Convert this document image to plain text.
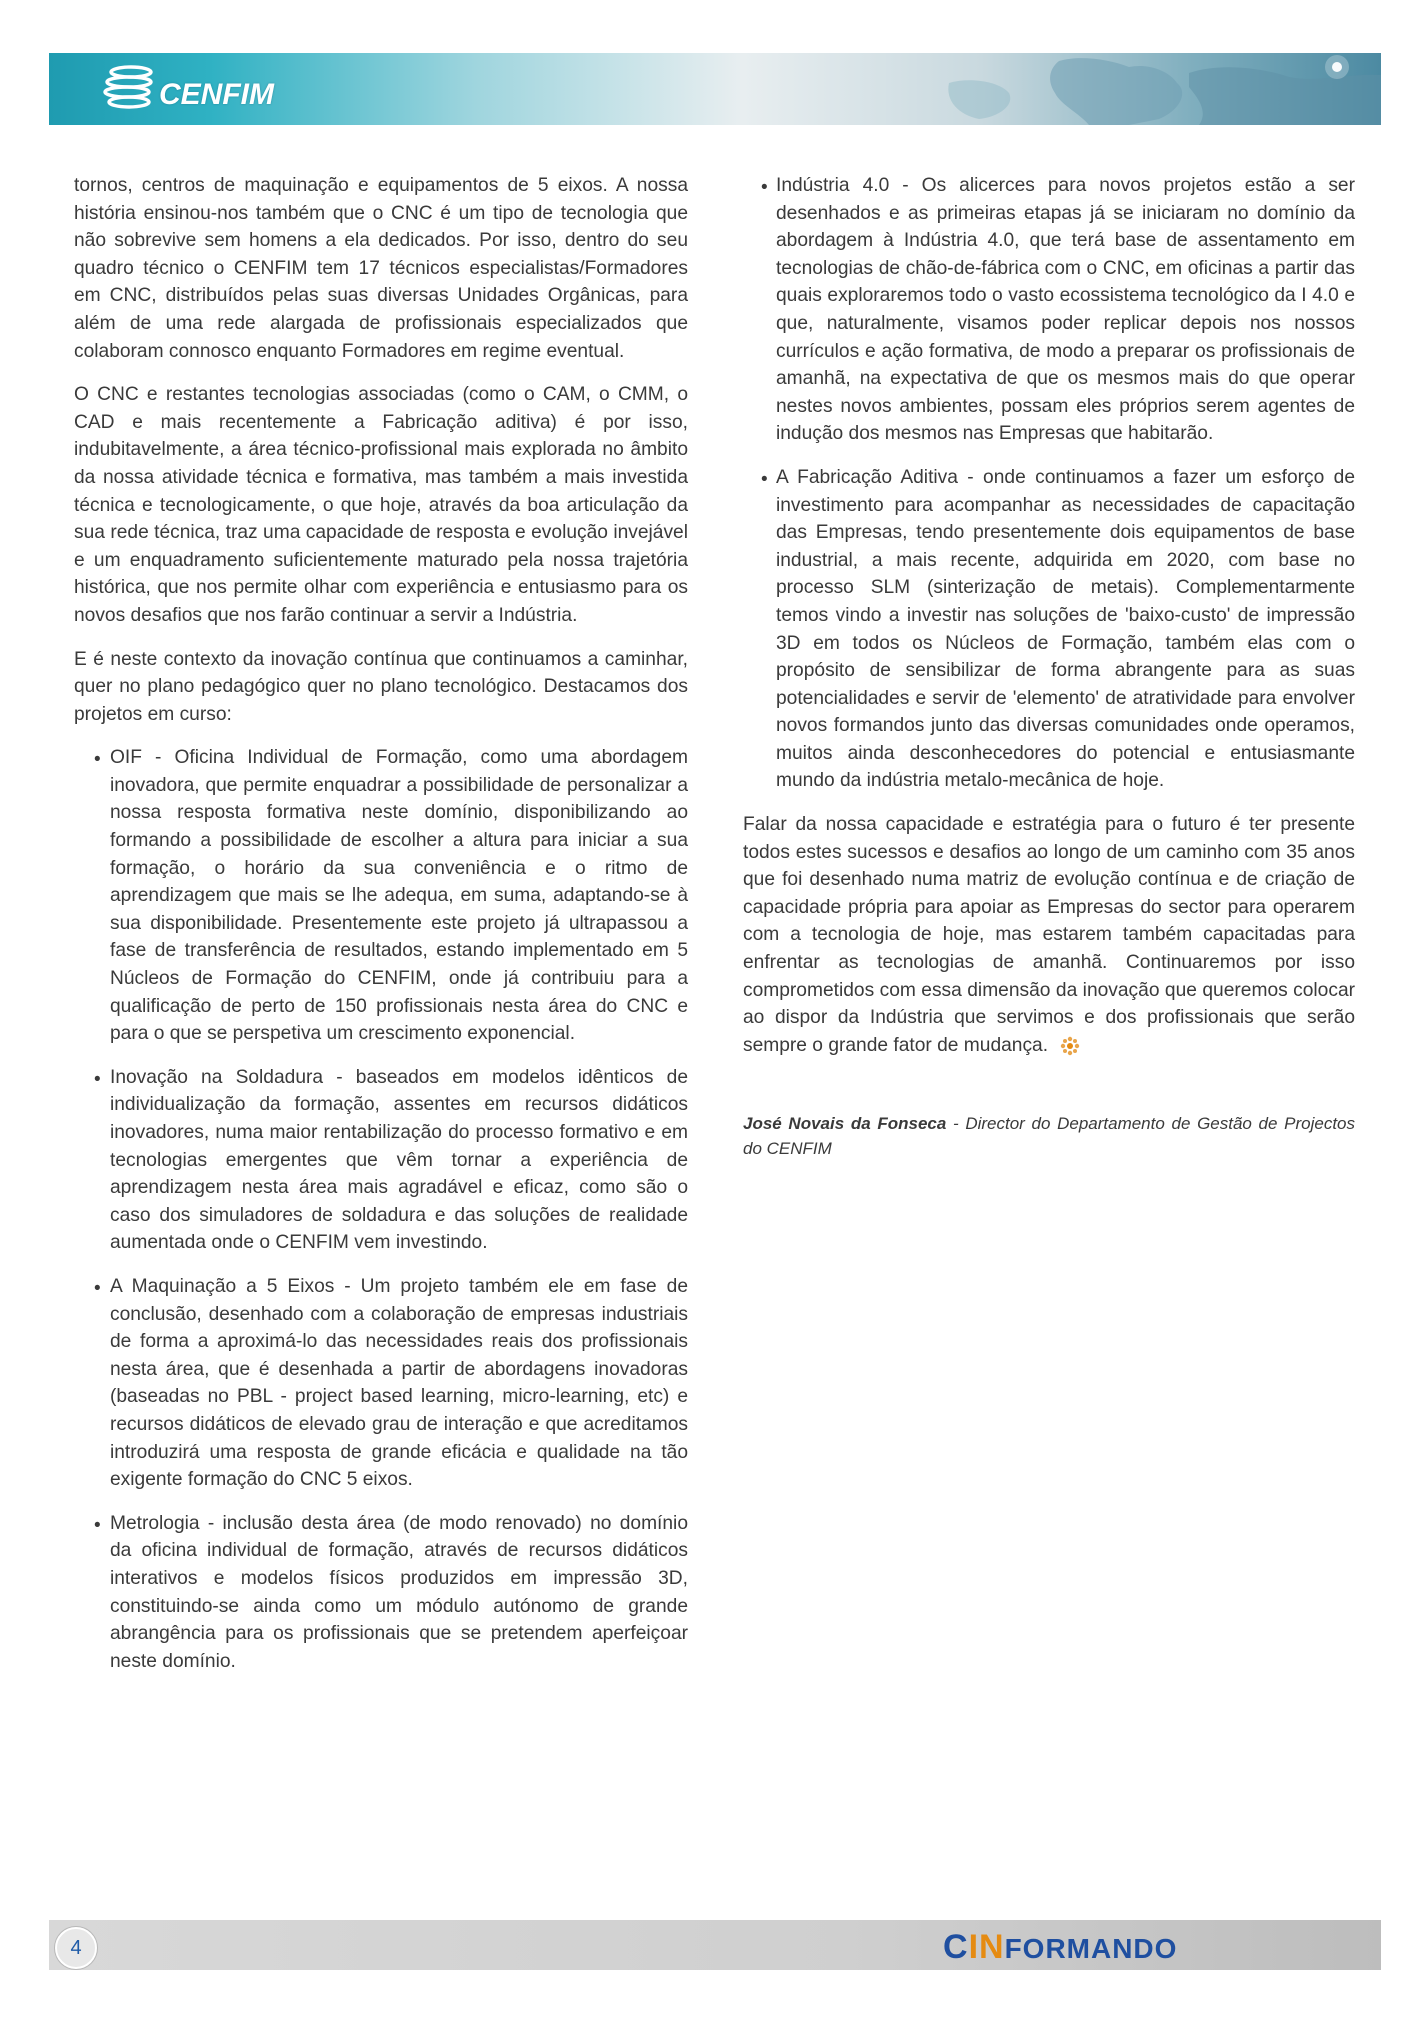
CENFIM

tornos, centros de maquinação e equipamentos de 5 eixos. A nossa história ensinou-nos também que o CNC é um tipo de tecnologia que não sobrevive sem homens a ela dedicados. Por isso, dentro do seu quadro técnico o CENFIM tem 17 técnicos especialistas/Formadores em CNC, distribuídos pelas suas diversas Unidades Orgânicas, para além de uma rede alargada de profissionais especializados que colaboram connosco enquanto Formadores em regime eventual.

O CNC e restantes tecnologias associadas (como o CAM, o CMM, o CAD e mais recentemente a Fabricação aditiva) é por isso, indubitavelmente, a área técnico-profissional mais explorada no âmbito da nossa atividade técnica e formativa, mas também a mais investida técnica e tecnologicamente, o que hoje, através da boa articulação da sua rede técnica, traz uma capacidade de resposta e evolução invejável e um enquadramento suficientemente maturado pela nossa trajetória histórica, que nos permite olhar com experiência e entusiasmo para os novos desafios que nos farão continuar a servir a Indústria.

E é neste contexto da inovação contínua que continuamos a caminhar, quer no plano pedagógico quer no plano tecnológico. Destacamos dos projetos em curso:

• OIF - Oficina Individual de Formação, como uma abordagem inovadora, que permite enquadrar a possibilidade de personalizar a nossa resposta formativa neste domínio, disponibilizando ao formando a possibilidade de escolher a altura para iniciar a sua formação, o horário da sua conveniência e o ritmo de aprendizagem que mais se lhe adequa, em suma, adaptando-se à sua disponibilidade. Presentemente este projeto já ultrapassou a fase de transferência de resultados, estando implementado em 5 Núcleos de Formação do CENFIM, onde já contribuiu para a qualificação de perto de 150 profissionais nesta área do CNC e para o que se perspetiva um crescimento exponencial.
• Inovação na Soldadura - baseados em modelos idênticos de individualização da formação, assentes em recursos didáticos inovadores, numa maior rentabilização do processo formativo e em tecnologias emergentes que vêm tornar a experiência de aprendizagem nesta área mais agradável e eficaz, como são o caso dos simuladores de soldadura e das soluções de realidade aumentada onde o CENFIM vem investindo.
• A Maquinação a 5 Eixos - Um projeto também ele em fase de conclusão, desenhado com a colaboração de empresas industriais de forma a aproximá-lo das necessidades reais dos profissionais nesta área, que é desenhada a partir de abordagens inovadoras (baseadas no PBL - project based learning, micro-learning, etc) e recursos didáticos de elevado grau de interação e que acreditamos introduzirá uma resposta de grande eficácia e qualidade na tão exigente formação do CNC 5 eixos.
• Metrologia - inclusão desta área (de modo renovado) no domínio da oficina individual de formação, através de recursos didáticos interativos e modelos físicos produzidos em impressão 3D, constituindo-se ainda como um módulo autónomo de grande abrangência para os profissionais que se pretendem aperfeiçoar neste domínio.
• Indústria 4.0 - Os alicerces para novos projetos estão a ser desenhados e as primeiras etapas já se iniciaram no domínio da abordagem à Indústria 4.0, que terá base de assentamento em tecnologias de chão-de-fábrica com o CNC, em oficinas a partir das quais exploraremos todo o vasto ecossistema tecnológico da I 4.0 e que, naturalmente, visamos poder replicar depois nos nossos currículos e ação formativa, de modo a preparar os profissionais de amanhã, na expectativa de que os mesmos mais do que operar nestes novos ambientes, possam eles próprios serem agentes de indução dos mesmos nas Empresas que habitarão.
• A Fabricação Aditiva - onde continuamos a fazer um esforço de investimento para acompanhar as necessidades de capacitação das Empresas, tendo presentemente dois equipamentos de base industrial, a mais recente, adquirida em 2020, com base no processo SLM (sinterização de metais). Complementarmente temos vindo a investir nas soluções de 'baixo-custo' de impressão 3D em todos os Núcleos de Formação, também elas com o propósito de sensibilizar de forma abrangente para as suas potencialidades e servir de 'elemento' de atratividade para envolver novos formandos junto das diversas comunidades onde operamos, muitos ainda desconhecedores do potencial e entusiasmante mundo da indústria metalo-mecânica de hoje.

Falar da nossa capacidade e estratégia para o futuro é ter presente todos estes sucessos e desafios ao longo de um caminho com 35 anos que foi desenhado numa matriz de evolução contínua e de criação de capacidade própria para apoiar as Empresas do sector para operarem com a tecnologia de hoje, mas estarem também capacitadas para enfrentar as tecnologias de amanhã. Continuaremos por isso comprometidos com essa dimensão da inovação que queremos colocar ao dispor da Indústria que servimos e dos profissionais que serão sempre o grande fator de mudança.

José Novais da Fonseca - Director do Departamento de Gestão de Projectos do CENFIM
4	C IN FORMANDO
